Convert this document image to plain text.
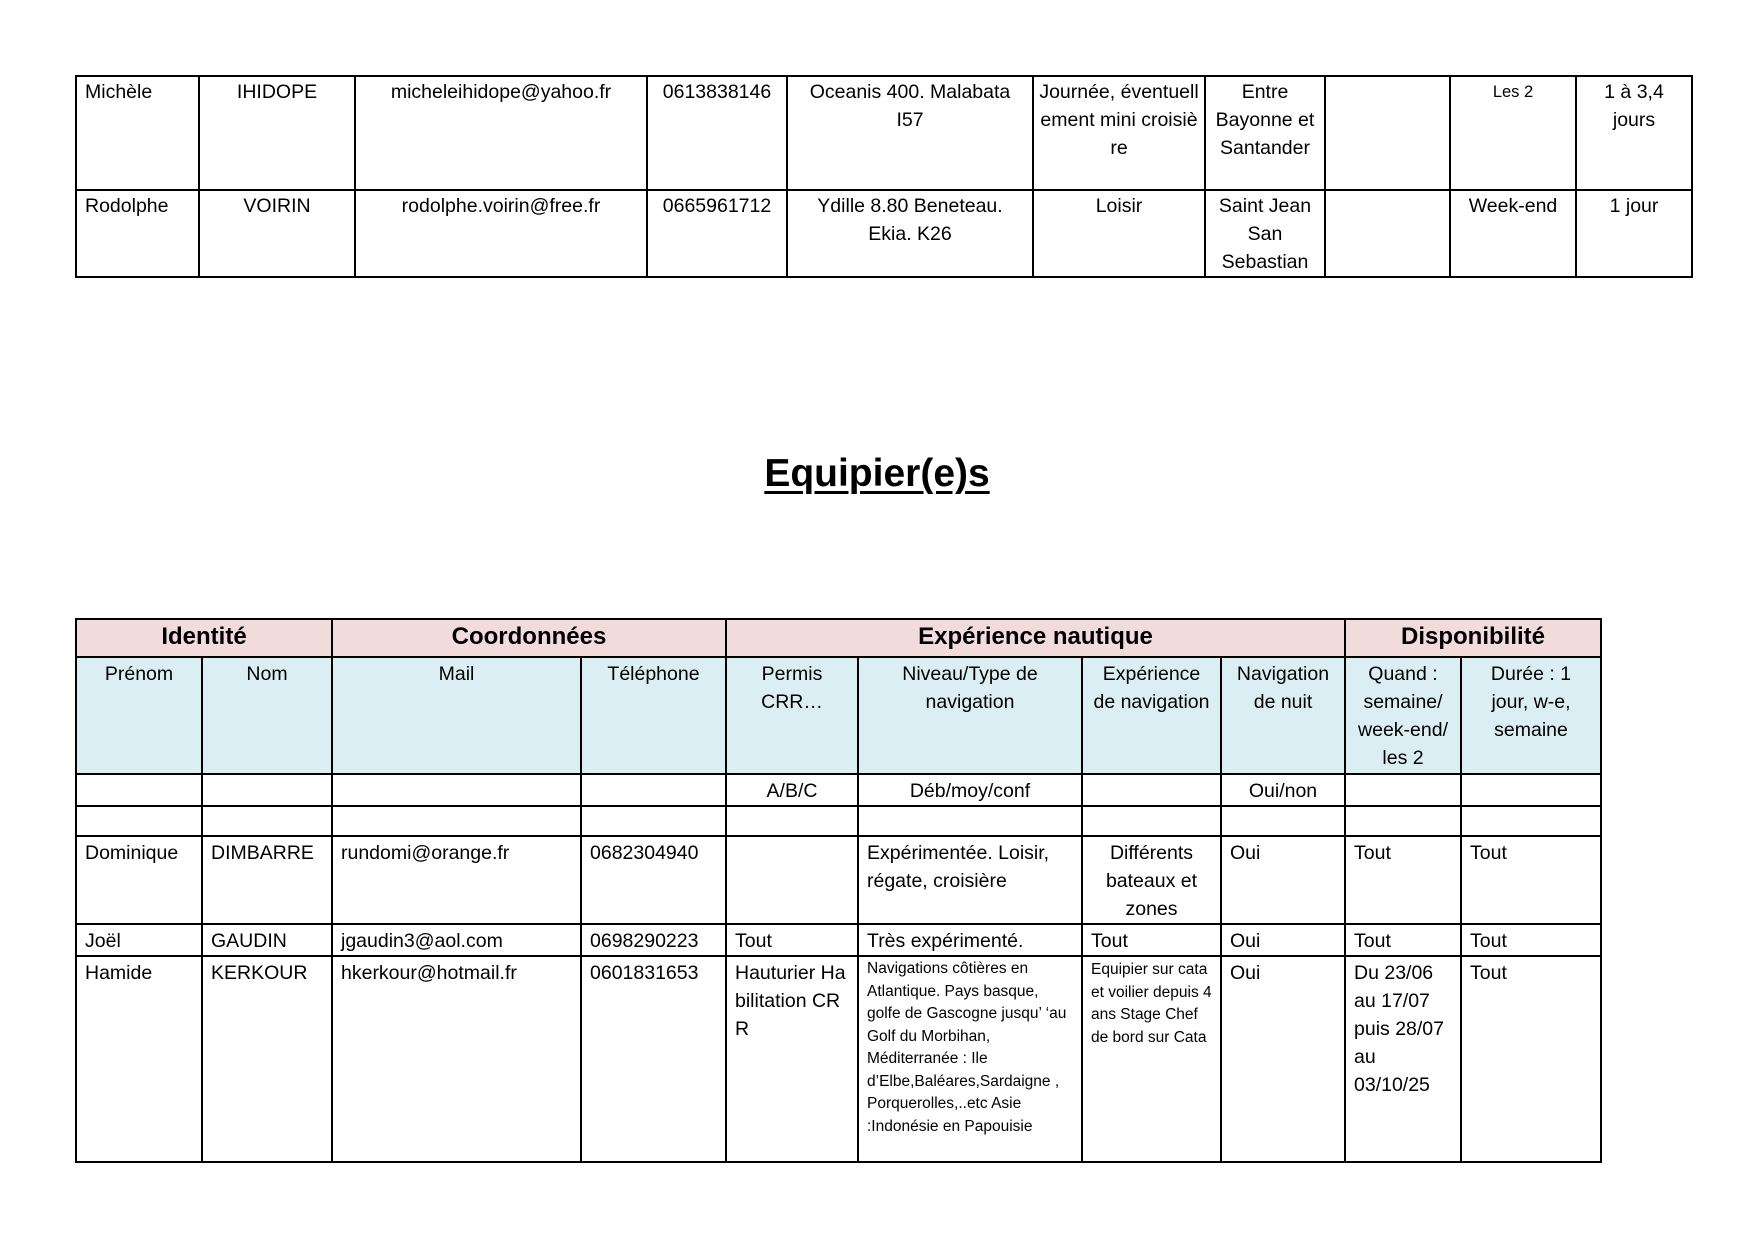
Michèle	IHIDOPE	micheleihidope@yahoo.fr	0613838146	Oceanis 400. Malabata I57	Journée, éventuellement mini croisière	Entre Bayonne et Santander		Les 2	1 à 3,4 jours
Rodolphe	VOIRIN	rodolphe.voirin@free.fr	0665961712	Ydille 8.80 Beneteau. Ekia. K26	Loisir	Saint Jean San Sebastian		Week-end	1 jour
Equipier(e)s
Identité		Coordonnées		Expérience nautique				Disponibilité	
Prénom	Nom	Mail	Téléphone	Permis CRR…	Niveau/Type de navigation	Expérience de navigation	Navigation de nuit	Quand : semaine/ week-end/ les 2	Durée : 1 jour, w-e, semaine
				A/B/C	Déb/moy/conf		Oui/non		

Dominique	DIMBARRE	rundomi@orange.fr	0682304940		Expérimentée. Loisir, régate, croisière	Différents bateaux et zones	Oui	Tout	Tout
Joël	GAUDIN	jgaudin3@aol.com	0698290223	Tout	Très expérimenté.	Tout	Oui	Tout	Tout
Hamide	KERKOUR	hkerkour@hotmail.fr	0601831653	Hauturier Habilitation CRR	Navigations côtières en Atlantique. Pays basque, golfe de Gascogne jusqu’ ‘au Golf du Morbihan, Méditerranée : Ile d’Elbe,Baléares,Sardaigne , Porquerolles,..etc Asie :Indonésie en Papouisie	Equipier sur cata et voilier depuis 4 ans Stage Chef de bord sur Cata	Oui	Du 23/06 au 17/07 puis 28/07 au 03/10/25	Tout
